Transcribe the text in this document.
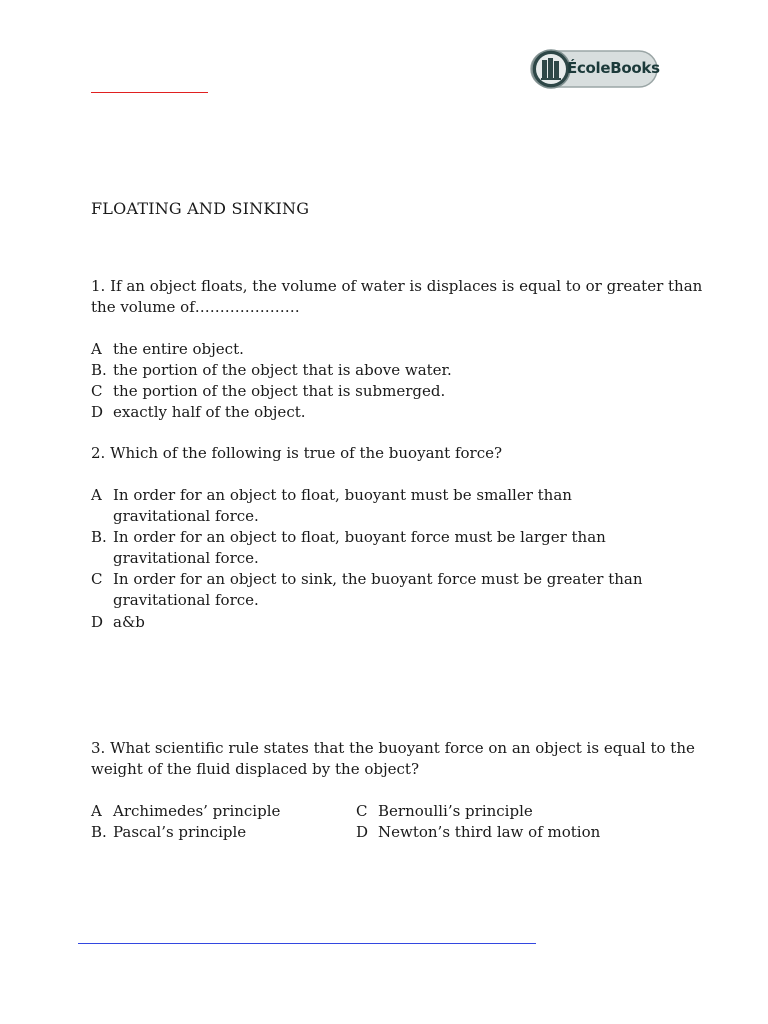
ÉcoleBooks
FLOATING AND SINKING
1. If an object floats, the volume of water is displaces is equal to or greater than
the volume of…………………
A the entire object.
B. the portion of the object that is above water.
C the portion of the object that is submerged.
D exactly half of the object.
2. Which of the following is true of the buoyant force?
A In order for an object to float, buoyant must be smaller than
gravitational force.
B. In order for an object to float, buoyant force must be larger than
gravitational force.
C In order for an object to sink, the buoyant force must be greater than
gravitational force.
D a&b
3. What scientific rule states that the buoyant force on an object is equal to the
weight of the fluid displaced by the object?
A Archimedes’ principle
B. Pascal’s principle
C Bernoulli’s principle
D Newton’s third law of motion
